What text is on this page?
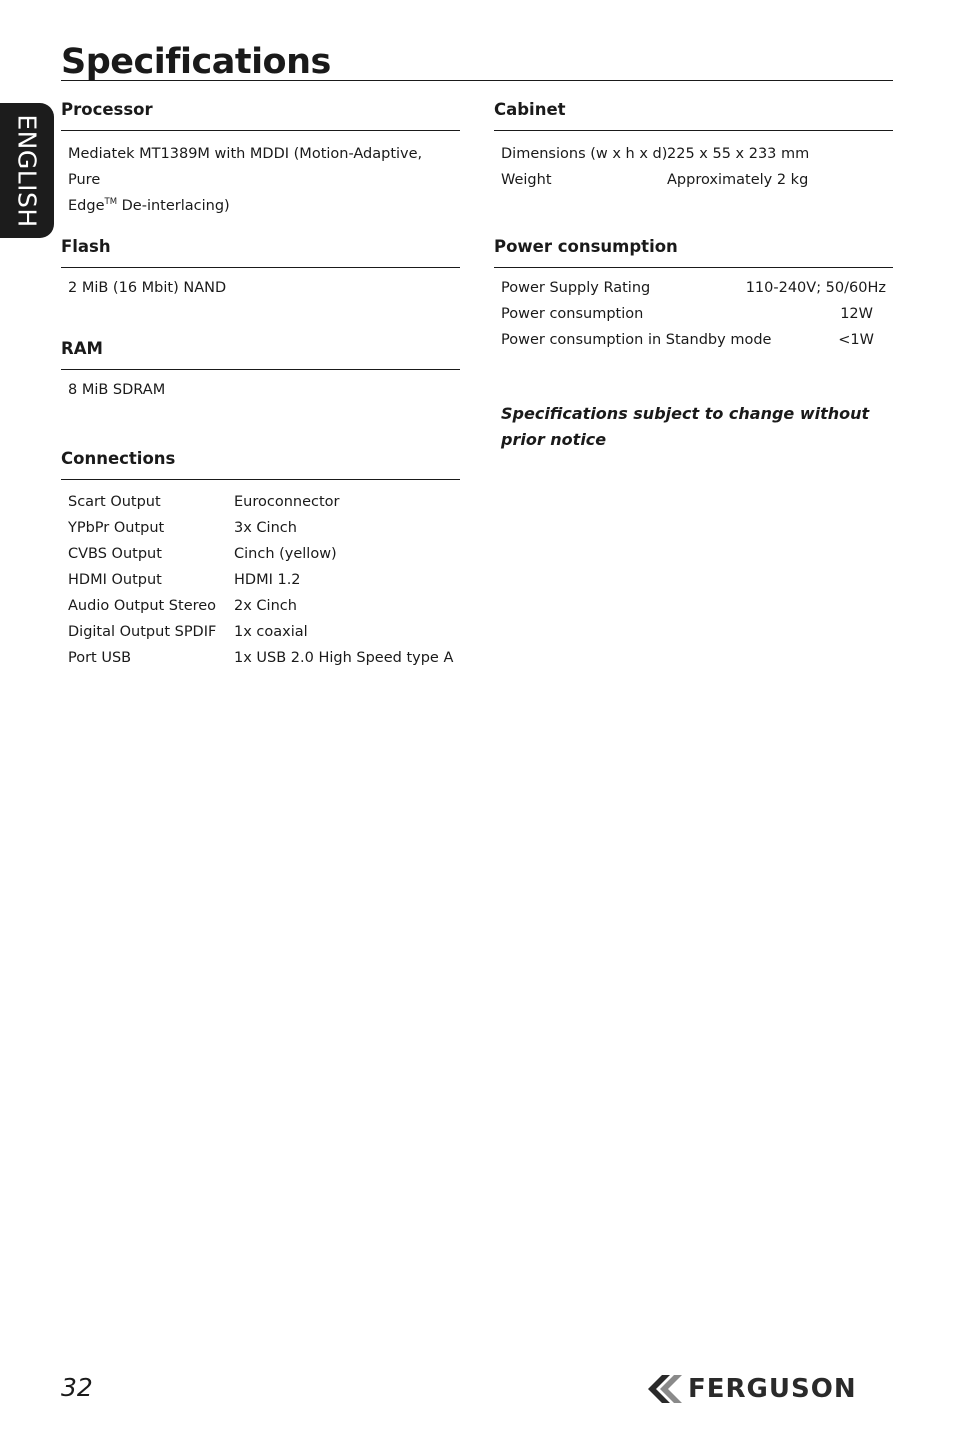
Specifications
ENGLISH
Processor
Mediatek MT1389M with MDDI (Motion-Adaptive, Pure
Edge™ De-interlacing)
Flash
2 MiB (16 Mbit) NAND
RAM
8 MiB SDRAM
Connections
Scart Output	Euroconnector
YPbPr Output	3x Cinch
CVBS Output	Cinch (yellow)
HDMI Output	HDMI 1.2
Audio Output Stereo	2x Cinch
Digital Output SPDIF	1x coaxial
Port USB	1x USB 2.0 High Speed type A
Cabinet
Dimensions (w x h x d) 225 x 55 x 233 mm
Weight	Approximately 2 kg
Power consumption
Power Supply Rating	110-240V; 50/60Hz
Power consumption	12W
Power consumption in Standby mode	<1W
Specifications subject to change without prior notice
32	FERGUSON
